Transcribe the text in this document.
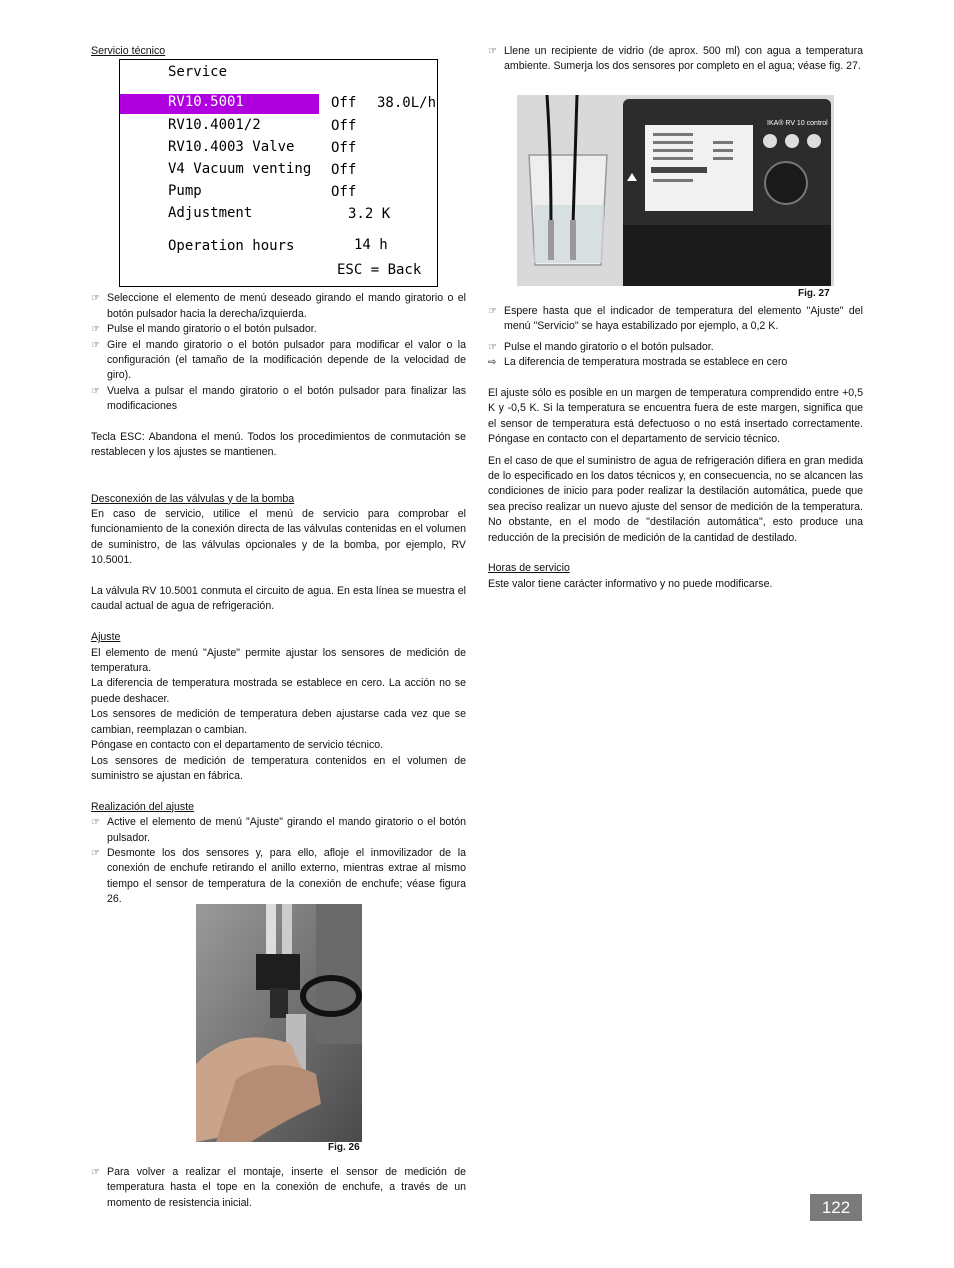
Servicio técnico

Service
RV10.5001	Off 38.0L/h
RV10.4001/2	Off
RV10.4003 Valve	Off
V4 Vacuum venting Off
Pump	Off
Adjustment	3.2 K
Operation hours	14 h
ESC = Back
☞ Seleccione el elemento de menú deseado girando el mando giratorio o el botón pulsador hacia la derecha/izquierda.
☞ Pulse el mando giratorio o el botón pulsador.
☞ Gire el mando giratorio o el botón pulsador para modificar el valor o la configuración (el tamaño de la modificación depende de la velocidad de giro).
☞ Vuelva a pulsar el mando giratorio o el botón pulsador para finalizar las modificaciones

Tecla ESC: Abandona el menú. Todos los procedimientos de conmutación se restablecen y los ajustes se mantienen.

Desconexión de las válvulas y de la bomba

En caso de servicio, utilice el menú de servicio para comprobar el funcionamiento de la conexión directa de las válvulas contenidas en el volumen de suministro, de las válvulas opcionales y de la bomba, por ejemplo, RV 10.5001.

La válvula RV 10.5001 conmuta el circuito de agua. En esta línea se muestra el caudal actual de agua de refrigeración.

Ajuste

El elemento de menú "Ajuste" permite ajustar los sensores de medición de temperatura.

La diferencia de temperatura mostrada se establece en cero. La acción no se puede deshacer.

Los sensores de medición de temperatura deben ajustarse cada vez que se cambian, reemplazan o cambian.

Póngase en contacto con el departamento de servicio técnico.

Los sensores de medición de temperatura contenidos en el volumen de suministro se ajustan en fábrica.

Realización del ajuste

☞ Active el elemento de menú "Ajuste" girando el mando giratorio o el botón pulsador.
☞ Desmonte los dos sensores y, para ello, afloje el inmovilizador de la conexión de enchufe retirando el anillo externo, mientras extrae al mismo tiempo el sensor de temperatura de la conexión de enchufe; véase figura 26.
Fig. 26
☞ Para volver a realizar el montaje, inserte el sensor de medición de temperatura hasta el tope en la conexión de enchufe, a través de un momento de resistencia inicial.
☞ Llene un recipiente de vidrio (de aprox. 500 ml) con agua a temperatura ambiente. Sumerja los dos sensores por completo en el agua; véase fig. 27.
IKA® RV 10 control
Fig. 27
☞ Espere hasta que el indicador de temperatura del elemento "Ajuste" del menú "Servicio" se haya estabilizado por ejemplo, a 0,2 K.
☞ Pulse el mando giratorio o el botón pulsador.
⇨ La diferencia de temperatura mostrada se establece en cero

El ajuste sólo es posible en un margen de temperatura comprendido entre +0,5 K y -0,5 K. Si la temperatura se encuentra fuera de este margen, significa que el sensor de temperatura está defectuoso o no está insertado correctamente. Póngase en contacto con el departamento de servicio técnico.

En el caso de que el suministro de agua de refrigeración difiera en gran medida de lo especificado en los datos técnicos y, en consecuencia, no se alcancen las condiciones de inicio para poder realizar la destilación automática, puede que sea preciso realizar un nuevo ajuste del sensor de medición de la temperatura. No obstante, en el modo de "destilación automática", esto produce una reducción de la precisión de medición de la cantidad de destilado.

Horas de servicio

Este valor tiene carácter informativo y no puede modificarse.

122
